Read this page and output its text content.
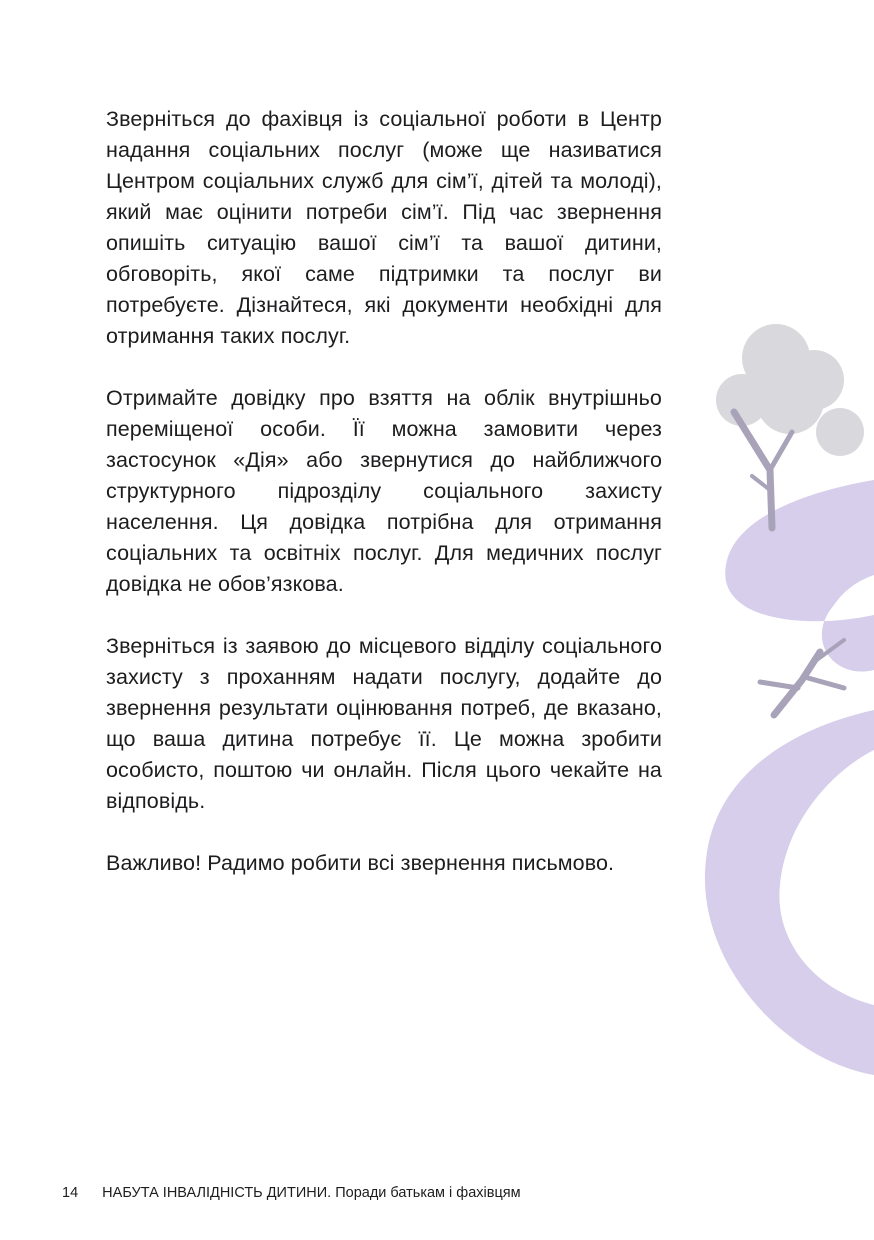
Зверніться до фахівця із соціальної роботи в Центр надання соціальних послуг (може ще називатися Центром соціальних служб для сім’ї, дітей та молоді), який має оцінити потреби сім’ї. Під час звернення опишіть ситуацію вашої сім’ї та вашої дитини, обговоріть, якої саме підтримки та послуг ви потребуєте. Дізнайтеся, які документи необхідні для отримання таких послуг.

Отримайте довідку про взяття на облік внутрішньо переміщеної особи. Її можна замовити через застосунок «Дія» або звернутися до найближчого структурного підрозділу соціального захисту населення. Ця довідка потрібна для отримання соціальних та освітніх послуг. Для медичних послуг довідка не обов’язкова.

Зверніться із заявою до місцевого відділу соціального захисту з проханням надати послугу, додайте до звернення результати оцінювання потреб, де вказано, що ваша дитина потребує її. Це можна зробити особисто, поштою чи онлайн. Після цього чекайте на відповідь.

Важливо! Радимо робити всі звернення письмово.

14 НАБУТА ІНВАЛІДНІСТЬ ДИТИНИ. Поради батькам і фахівцям
